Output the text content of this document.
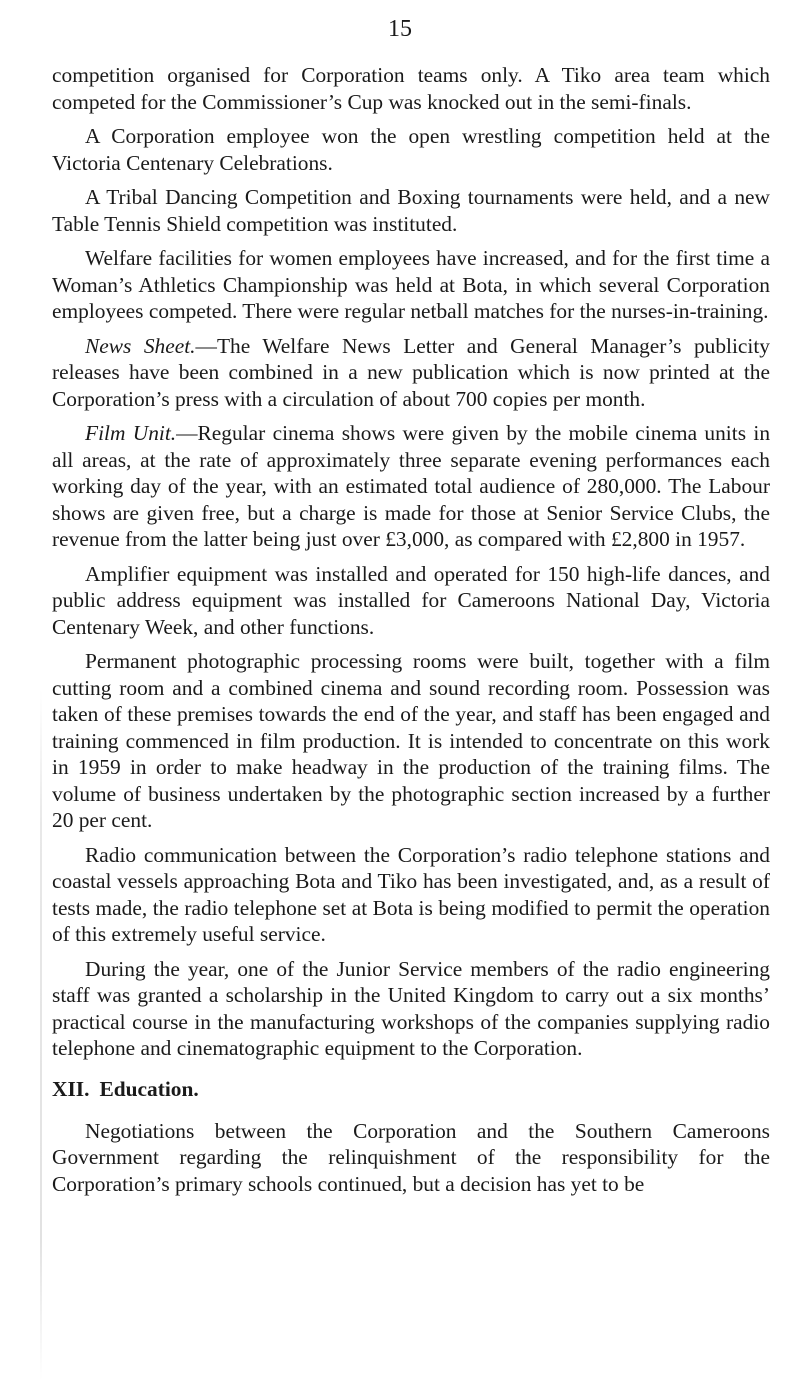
15

competition organised for Corporation teams only. A Tiko area team which competed for the Commissioner’s Cup was knocked out in the semi-finals.

A Corporation employee won the open wrestling competition held at the Victoria Centenary Celebrations.

A Tribal Dancing Competition and Boxing tournaments were held, and a new Table Tennis Shield competition was instituted.

Welfare facilities for women employees have increased, and for the first time a Woman’s Athletics Championship was held at Bota, in which several Corporation employees competed. There were regular netball matches for the nurses-in-training.

News Sheet.—The Welfare News Letter and General Manager’s publicity releases have been combined in a new publication which is now printed at the Corporation’s press with a circulation of about 700 copies per month.

Film Unit.—Regular cinema shows were given by the mobile cinema units in all areas, at the rate of approximately three separate evening performances each working day of the year, with an estimated total audience of 280,000. The Labour shows are given free, but a charge is made for those at Senior Service Clubs, the revenue from the latter being just over £3,000, as compared with £2,800 in 1957.

Amplifier equipment was installed and operated for 150 high-life dances, and public address equipment was installed for Cameroons National Day, Victoria Centenary Week, and other functions.

Permanent photographic processing rooms were built, together with a film cutting room and a combined cinema and sound recording room. Possession was taken of these premises towards the end of the year, and staff has been engaged and training commenced in film production. It is intended to concentrate on this work in 1959 in order to make headway in the production of the training films. The volume of business undertaken by the photographic section increased by a further 20 per cent.

Radio communication between the Corporation’s radio telephone stations and coastal vessels approaching Bota and Tiko has been investigated, and, as a result of tests made, the radio telephone set at Bota is being modified to permit the operation of this extremely useful service.

During the year, one of the Junior Service members of the radio engineering staff was granted a scholarship in the United Kingdom to carry out a six months’ practical course in the manufacturing workshops of the companies supplying radio telephone and cinematographic equipment to the Corporation.

XII. Education.

Negotiations between the Corporation and the Southern Cameroons Government regarding the relinquishment of the responsibility for the Corporation’s primary schools continued, but a decision has yet to be
